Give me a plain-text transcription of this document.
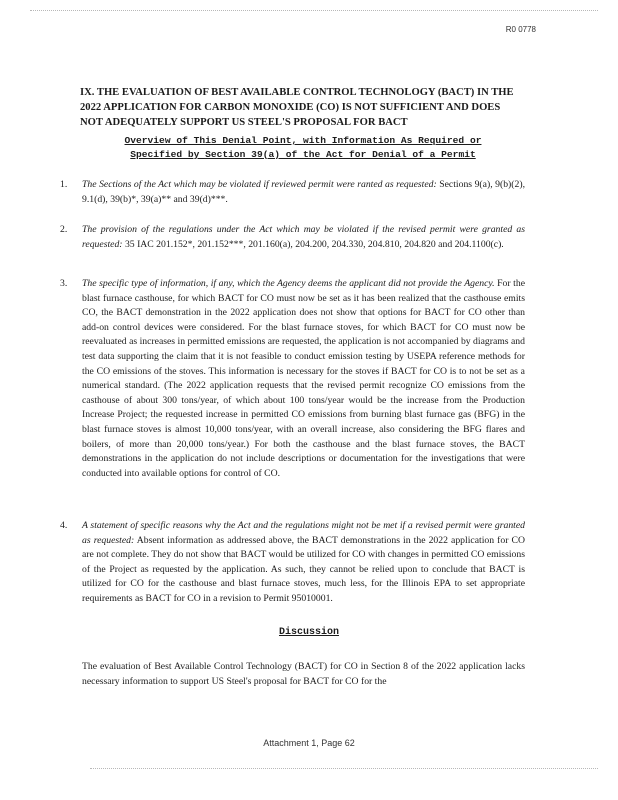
R0 0778
IX. THE EVALUATION OF BEST AVAILABLE CONTROL TECHNOLOGY (BACT) IN THE 2022 APPLICATION FOR CARBON MONOXIDE (CO) IS NOT SUFFICIENT AND DOES NOT ADEQUATELY SUPPORT US STEEL'S PROPOSAL FOR BACT
Overview of This Denial Point, with Information As Required or
Specified by Section 39(a) of the Act for Denial of a Permit
1. The Sections of the Act which may be violated if reviewed permit were ranted as requested: Sections 9(a), 9(b)(2), 9.1(d), 39(b)*, 39(a)** and 39(d)***.
2. The provision of the regulations under the Act which may be violated if the revised permit were granted as requested: 35 IAC 201.152*, 201.152***, 201.160(a), 204.200, 204.330, 204.810, 204.820 and 204.1100(c).
3. The specific type of information, if any, which the Agency deems the applicant did not provide the Agency. For the blast furnace casthouse, for which BACT for CO must now be set as it has been realized that the casthouse emits CO, the BACT demonstration in the 2022 application does not show that options for BACT for CO other than add-on control devices were considered. For the blast furnace stoves, for which BACT for CO must now be reevaluated as increases in permitted emissions are requested, the application is not accompanied by diagrams and test data supporting the claim that it is not feasible to conduct emission testing by USEPA reference methods for the CO emissions of the stoves. This information is necessary for the stoves if BACT for CO is to not be set as a numerical standard. (The 2022 application requests that the revised permit recognize CO emissions from the casthouse of about 300 tons/year, of which about 100 tons/year would be the increase from the Production Increase Project; the requested increase in permitted CO emissions from burning blast furnace gas (BFG) in the blast furnace stoves is almost 10,000 tons/year, with an overall increase, also considering the BFG flares and boilers, of more than 20,000 tons/year.) For both the casthouse and the blast furnace stoves, the BACT demonstrations in the application do not include descriptions or documentation for the investigations that were conducted into available options for control of CO.
4. A statement of specific reasons why the Act and the regulations might not be met if a revised permit were granted as requested: Absent information as addressed above, the BACT demonstrations in the 2022 application for CO are not complete. They do not show that BACT would be utilized for CO with changes in permitted CO emissions of the Project as requested by the application. As such, they cannot be relied upon to conclude that BACT is utilized for CO for the casthouse and blast furnace stoves, much less, for the Illinois EPA to set appropriate requirements as BACT for CO in a revision to Permit 95010001.
Discussion

The evaluation of Best Available Control Technology (BACT) for CO in Section 8 of the 2022 application lacks necessary information to support US Steel's proposal for BACT for CO for the

Attachment 1, Page 62
